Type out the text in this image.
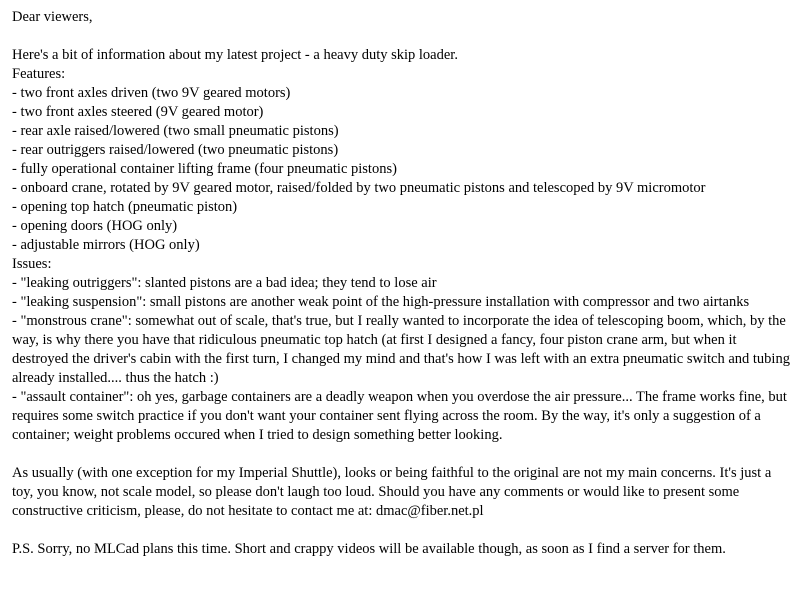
Dear viewers,
Here's a bit of information about my latest project - a heavy duty skip loader.
Features:
- two front axles driven (two 9V geared motors)
- two front axles steered (9V geared motor)
- rear axle raised/lowered (two small pneumatic pistons)
- rear outriggers raised/lowered (two pneumatic pistons)
- fully operational container lifting frame (four pneumatic pistons)
- onboard crane, rotated by 9V geared motor, raised/folded by two pneumatic pistons and telescoped by 9V micromotor
- opening top hatch (pneumatic piston)
- opening doors (HOG only)
- adjustable mirrors (HOG only)
Issues:
- "leaking outriggers": slanted pistons are a bad idea; they tend to lose air
- "leaking suspension": small pistons are another weak point of the high-pressure installation with compressor and two airtanks
- "monstrous crane": somewhat out of scale, that's true, but I really wanted to incorporate the idea of telescoping boom, which, by the way, is why there you have that ridiculous pneumatic top hatch (at first I designed a fancy, four piston crane arm, but when it destroyed the driver's cabin with the first turn, I changed my mind and that's how I was left with an extra pneumatic switch and tubing already installed.... thus the hatch :)
- "assault container": oh yes, garbage containers are a deadly weapon when you overdose the air pressure... The frame works fine, but requires some switch practice if you don't want your container sent flying across the room. By the way, it's only a suggestion of a container; weight problems occured when I tried to design something better looking.
As usually (with one exception for my Imperial Shuttle), looks or being faithful to the original are not my main concerns. It's just a toy, you know, not scale model, so please don't laugh too loud. Should you have any comments or would like to present some constructive criticism, please, do not hesitate to contact me at: dmac@fiber.net.pl
P.S. Sorry, no MLCad plans this time. Short and crappy videos will be available though, as soon as I find a server for them.
